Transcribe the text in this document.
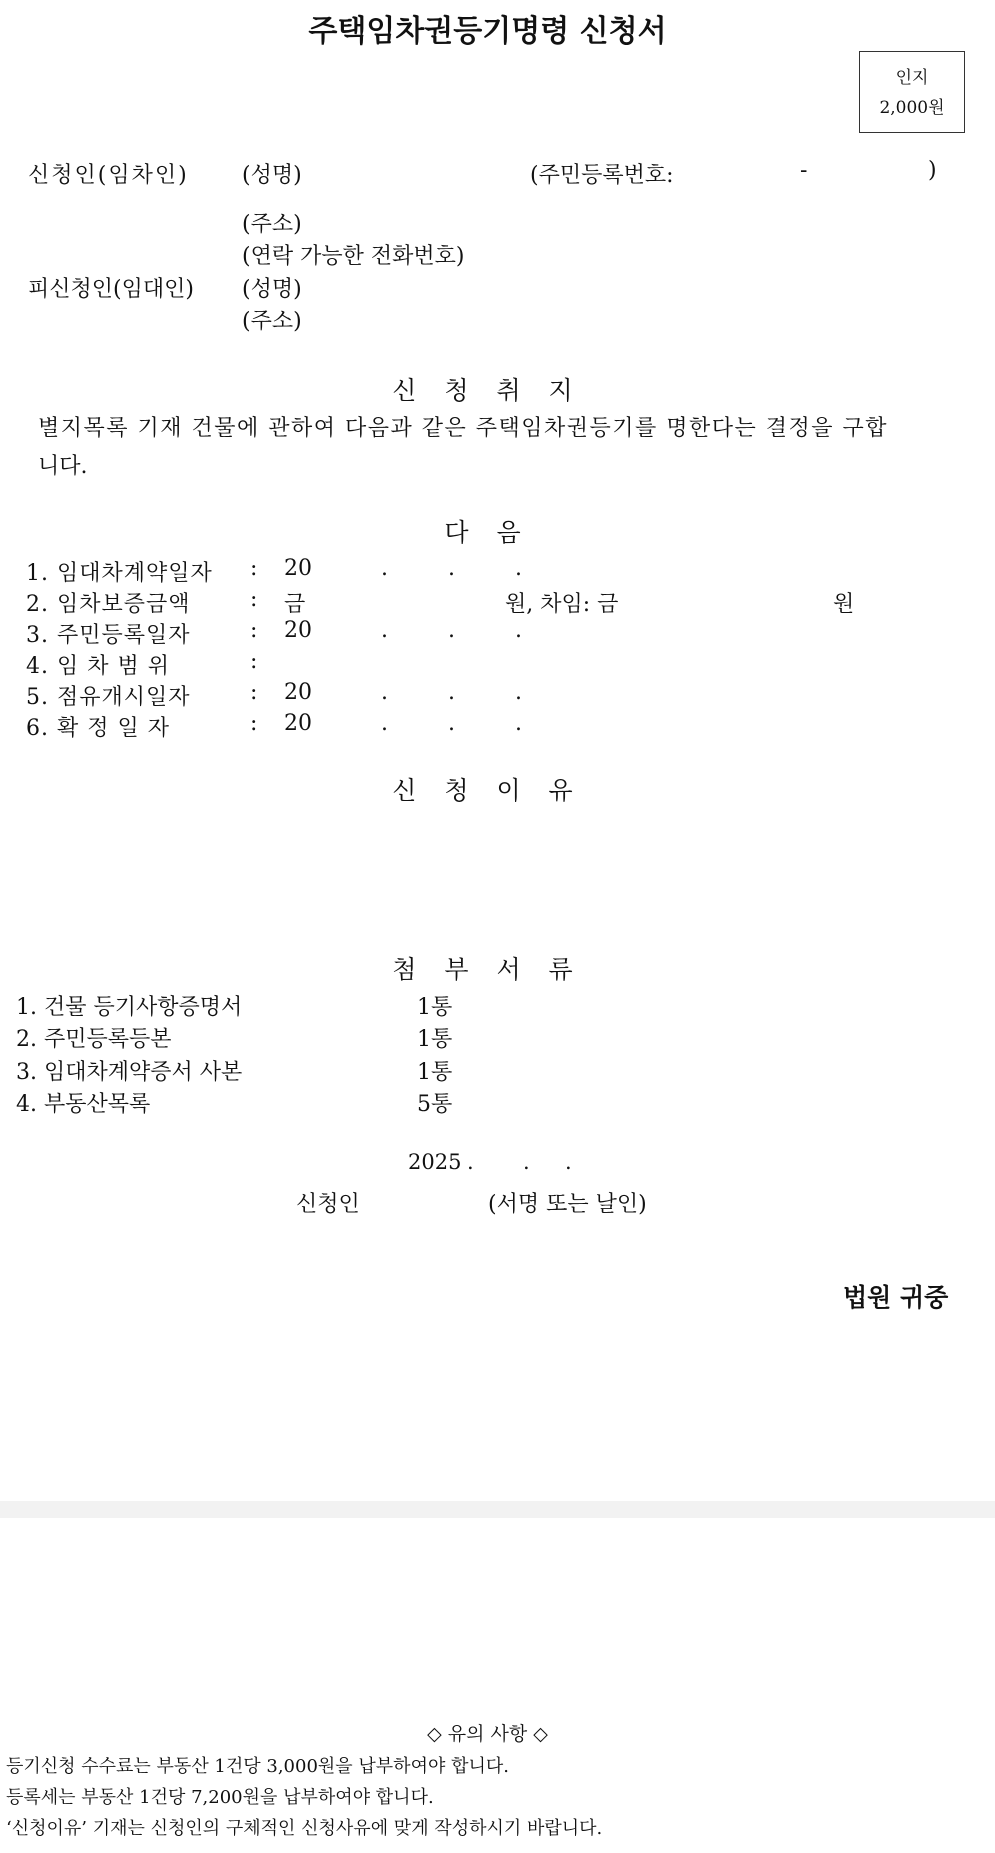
주택임차권등기명령 신청서
인지
2,000원
신청인(임차인) (성명)	(주민등록번호:	-	)
(주소)
(연락 가능한 전화번호)
피신청인(임대인) (성명)
(주소)
신 청 취 지
별지목록 기재 건물에 관하여 다음과 같은 주택임차권등기를 명한다는 결정을 구합
니다.
다 음
1. 임대차계약일자 : 20	.	.	.
2. 임차보증금액	: 금	원, 차임: 금	원
3. 주민등록일자	: 20	.	.	.
4. 임 차 범 위	:
5. 점유개시일자	: 20	.	.	.
6. 확 정 일 자	: 20	.	.	.
신 청 이 유
첨 부 서 류
1. 건물 등기사항증명서	1통
2. 주민등록등본	1통
3. 임대차계약증서 사본	1통
4. 부동산목록	5통
2025 . . .
신청인	(서명 또는 날인)
법원 귀중
◇ 유의 사항 ◇
등기신청 수수료는 부동산 1건당 3,000원을 납부하여야 합니다.
등록세는 부동산 1건당 7,200원을 납부하여야 합니다.
‘신청이유’ 기재는 신청인의 구체적인 신청사유에 맞게 작성하시기 바랍니다.
